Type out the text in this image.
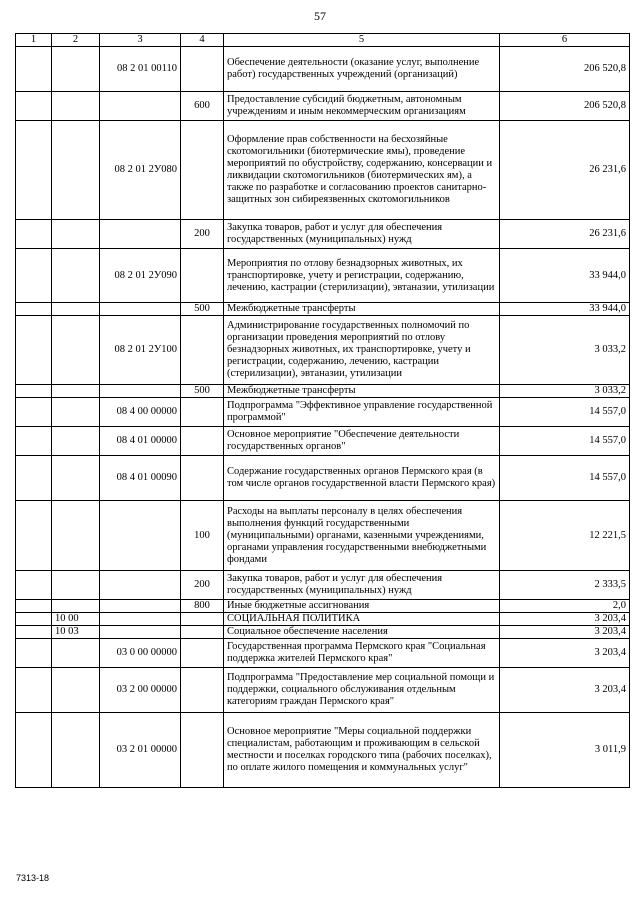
57
1	2	3	4	5	6
		08 2 01 00110		Обеспечение деятельности (оказание услуг, выполнение работ) государственных учреждений (организаций)	206 520,8
			600	Предоставление субсидий бюджетным, автономным учреждениям и иным некоммерческим организациям	206 520,8
		08 2 01 2У080		Оформление прав собственности на бесхозяйные скотомогильники (биотермические ямы), проведение мероприятий по обустройству, содержанию, консервации и ликвидации скотомогильников (биотермических ям), а также по разработке и согласованию проектов санитарно-защитных зон сибиреязвенных скотомогильников	26 231,6
			200	Закупка товаров, работ и услуг для обеспечения государственных (муниципальных) нужд	26 231,6
		08 2 01 2У090		Мероприятия по отлову безнадзорных животных, их транспортировке, учету и регистрации, содержанию, лечению, кастрации (стерилизации), эвтаназии, утилизации	33 944,0
			500	Межбюджетные трансферты	33 944,0
		08 2 01 2У100		Администрирование государственных полномочий по организации проведения мероприятий по отлову безнадзорных животных, их транспортировке, учету и регистрации, содержанию, лечению, кастрации (стерилизации), эвтаназии, утилизации	3 033,2
			500	Межбюджетные трансферты	3 033,2
		08 4 00 00000		Подпрограмма "Эффективное управление государственной программой"	14 557,0
		08 4 01 00000		Основное мероприятие "Обеспечение деятельности государственных органов"	14 557,0
		08 4 01 00090		Содержание государственных органов Пермского края (в том числе органов государственной власти Пермского края)	14 557,0
			100	Расходы на выплаты персоналу в целях обеспечения выполнения функций государственными (муниципальными) органами, казенными учреждениями, органами управления государственными внебюджетными фондами	12 221,5
			200	Закупка товаров, работ и услуг для обеспечения государственных (муниципальных) нужд	2 333,5
			800	Иные бюджетные ассигнования	2,0
	10 00			СОЦИАЛЬНАЯ ПОЛИТИКА	3 203,4
	10 03			Социальное обеспечение населения	3 203,4
		03 0 00 00000		Государственная программа Пермского края "Социальная поддержка жителей Пермского края"	3 203,4
		03 2 00 00000		Подпрограмма "Предоставление мер социальной помощи и поддержки, социального обслуживания отдельным категориям граждан Пермского края"	3 203,4
		03 2 01 00000		Основное мероприятие "Меры социальной поддержки специалистам, работающим и проживающим в сельской местности и поселках городского типа (рабочих поселках), по оплате жилого помещения и коммунальных услуг"	3 011,9
7313-18
